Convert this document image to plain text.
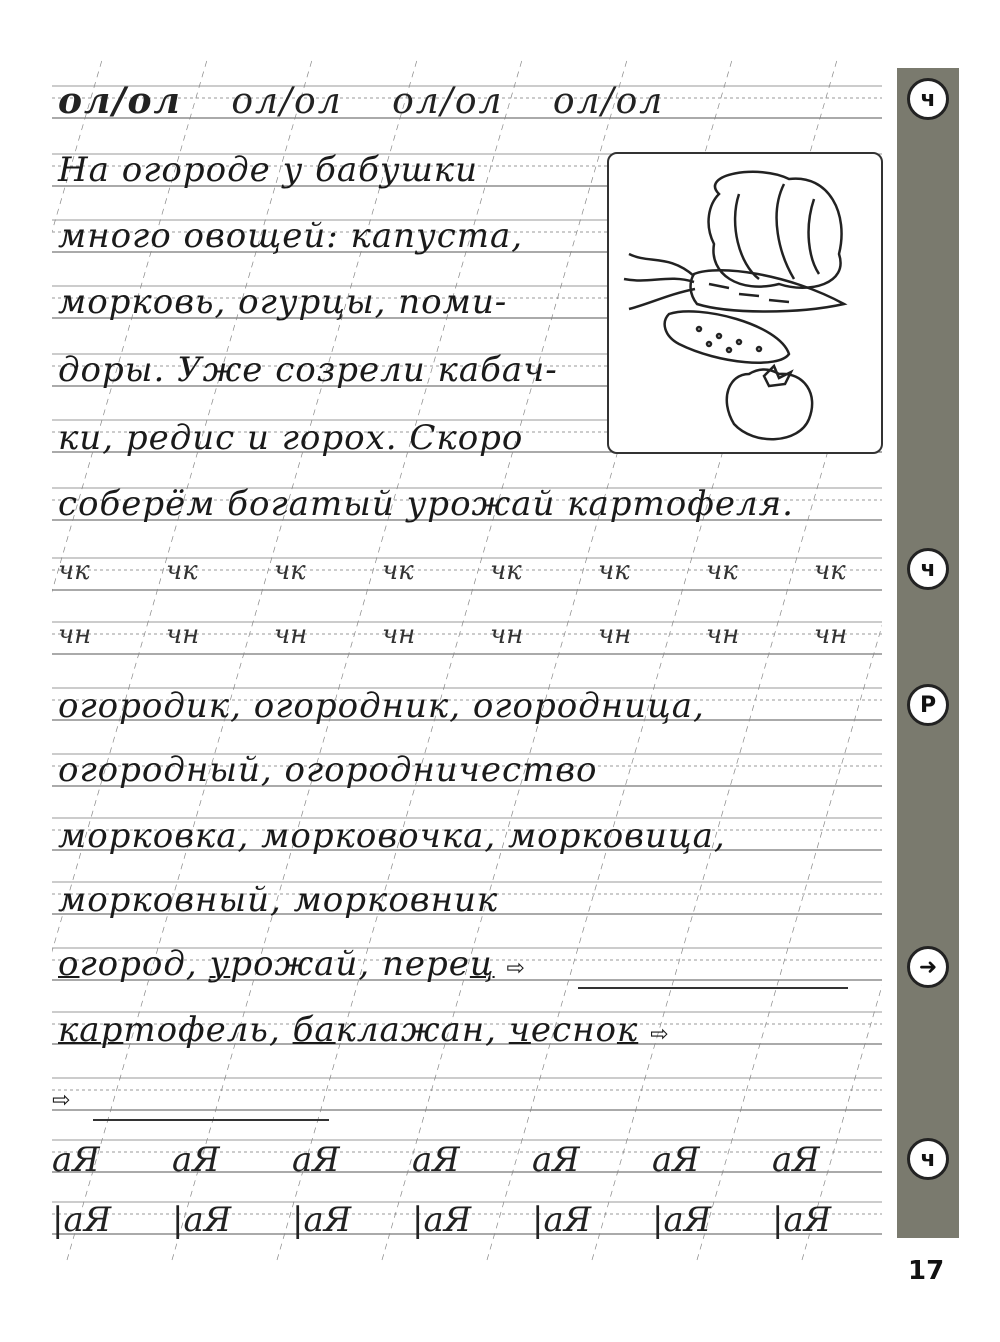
ол/ол ол/ол ол/ол ол/ол
На огороде у бабушки
много овощей: капуста,
морковь, огурцы, поми-
доры. Уже созрели кабач-
ки, редис и горох. Скоро
соберём богатый урожай картофеля.
чк	чк	чк	чк	чк	чк	чк	чк
чн	чн	чн	чн	чн	чн	чн	чн
огородик, огородник, огородница,
огородный, огородничество
морковка, морковочка, морковица,
морковный, морковник
огород, урожай, перец ⇨
картофель, баклажан, чеснок ⇨
⇨
аЯ аЯ аЯ аЯ аЯ аЯ аЯ
|аЯ |аЯ |аЯ |аЯ |аЯ |аЯ |аЯ
ч
ч
Р
➜
ч
17
